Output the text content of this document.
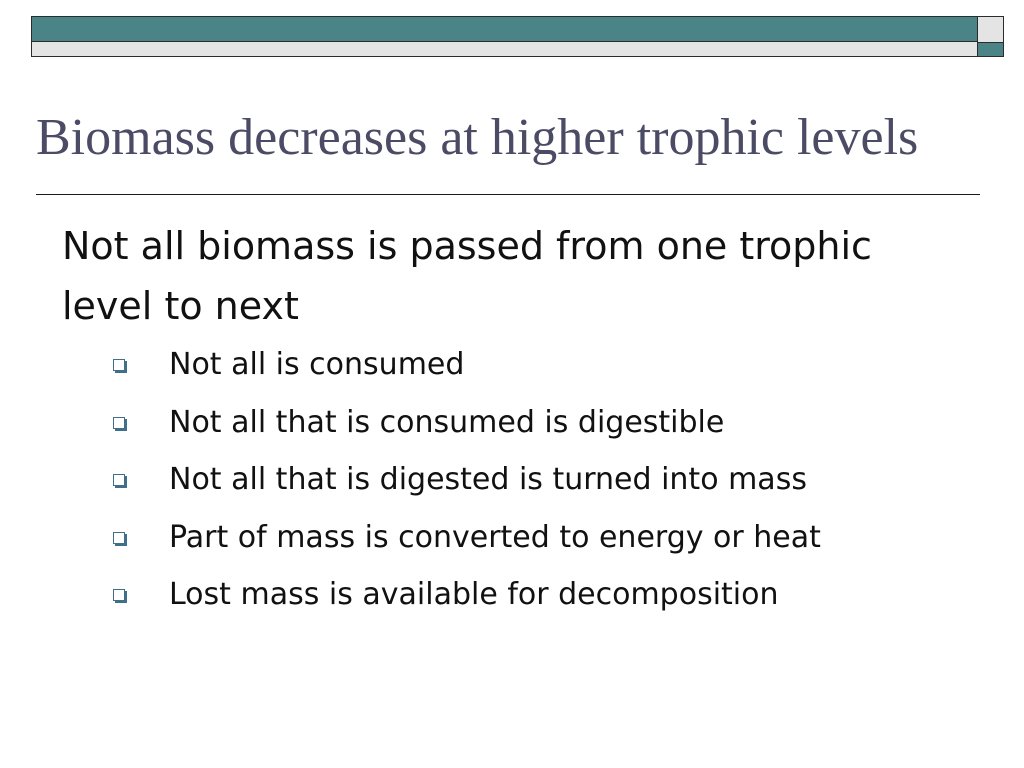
Biomass decreases at higher trophic levels

Not all biomass is passed from one trophic level to next

Not all is consumed
Not all that is consumed is digestible
Not all that is digested is turned into mass
Part of mass is converted to energy or heat
Lost mass is available for decomposition
